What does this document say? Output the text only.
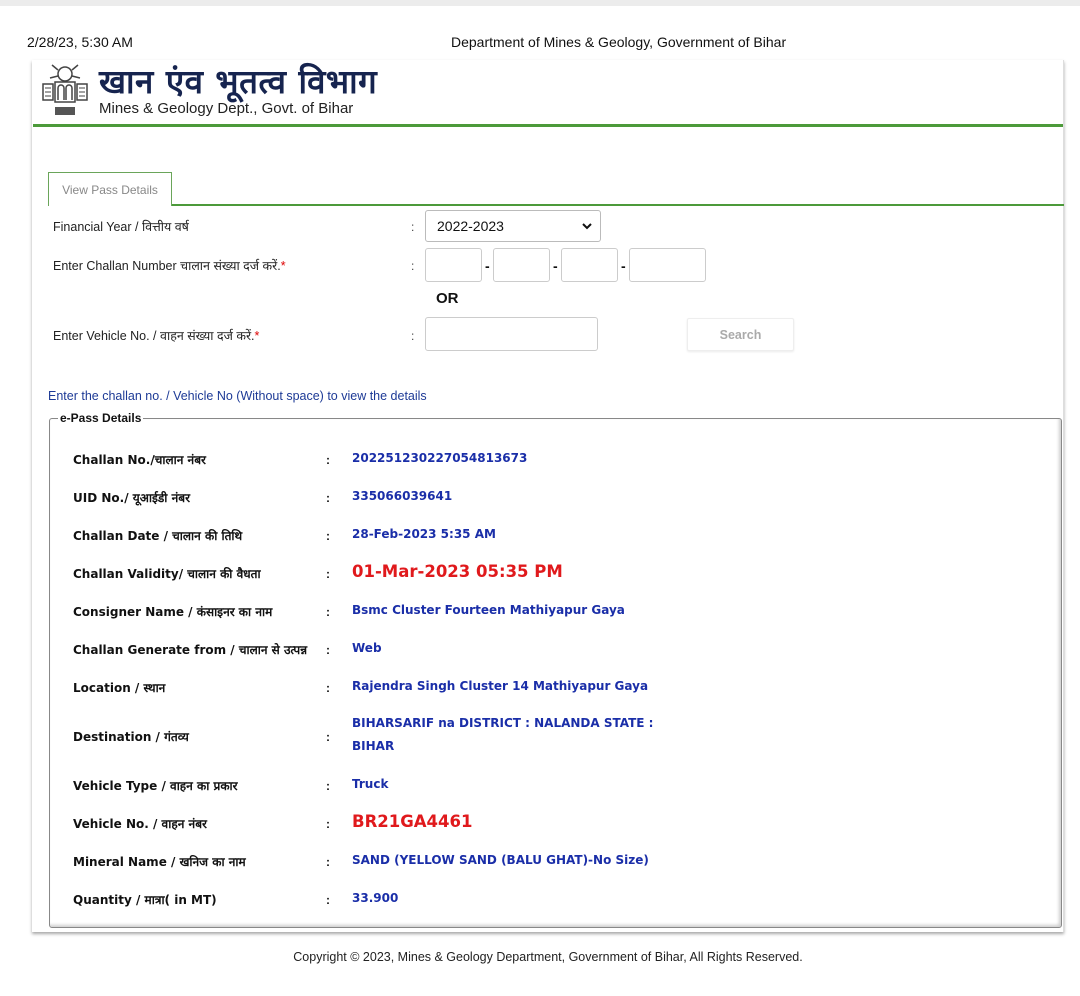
2/28/23, 5:30 AM	Department of Mines & Geology, Government of Bihar
खान एंव भूतत्व विभाग
Mines & Geology Dept., Govt. of Bihar
View Pass Details
Financial Year / वित्तीय वर्ष	: 2022-2023
Enter Challan Number चालान संख्या दर्ज करें.*	:	-	-	-
OR
Enter Vehicle No. / वाहन संख्या दर्ज करें.*	:	Search
Enter the challan no. / Vehicle No (Without space) to view the details
e-Pass Details
Challan No./चालान नंबर	: 202251230227054813673
UID No./ यूआईडी नंबर	: 335066039641
Challan Date / चालान की तिथि	: 28-Feb-2023 5:35 AM
Challan Validity/ चालान की वैधता	: 01-Mar-2023 05:35 PM
Consigner Name / कंसाइनर का नाम	: Bsmc Cluster Fourteen Mathiyapur Gaya
Challan Generate from / चालान से उत्पन्न : Web
Location / स्थान	: Rajendra Singh Cluster 14 Mathiyapur Gaya
Destination / गंतव्य	:
BIHARSARIF na DISTRICT : NALANDA STATE :
BIHAR
Vehicle Type / वाहन का प्रकार	: Truck
Vehicle No. / वाहन नंबर	: BR21GA4461
Mineral Name / खनिज का नाम	: SAND (YELLOW SAND (BALU GHAT)-No Size)
Quantity / मात्रा( in MT)	: 33.900
Copyright © 2023, Mines & Geology Department, Government of Bihar, All Rights Reserved.
